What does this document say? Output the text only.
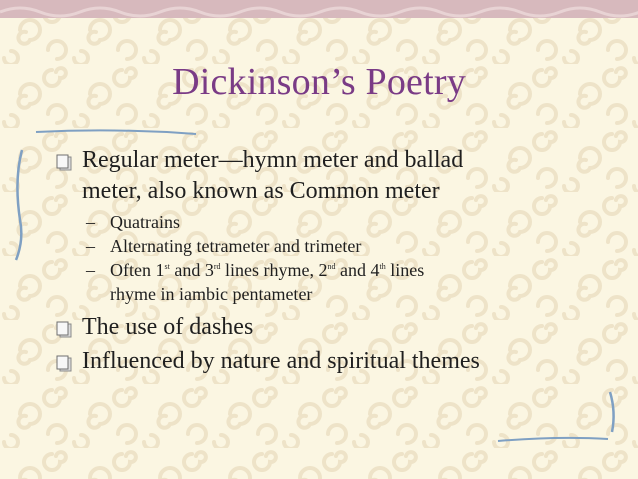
Dickinson’s Poetry
Regular meter—hymn meter and ballad
meter, also known as Common meter
– Quatrains
– Alternating tetrameter and trimeter
– Often 1st and 3rd lines rhyme, 2nd and 4th lines
rhyme in iambic pentameter
The use of dashes
Influenced by nature and spiritual themes
